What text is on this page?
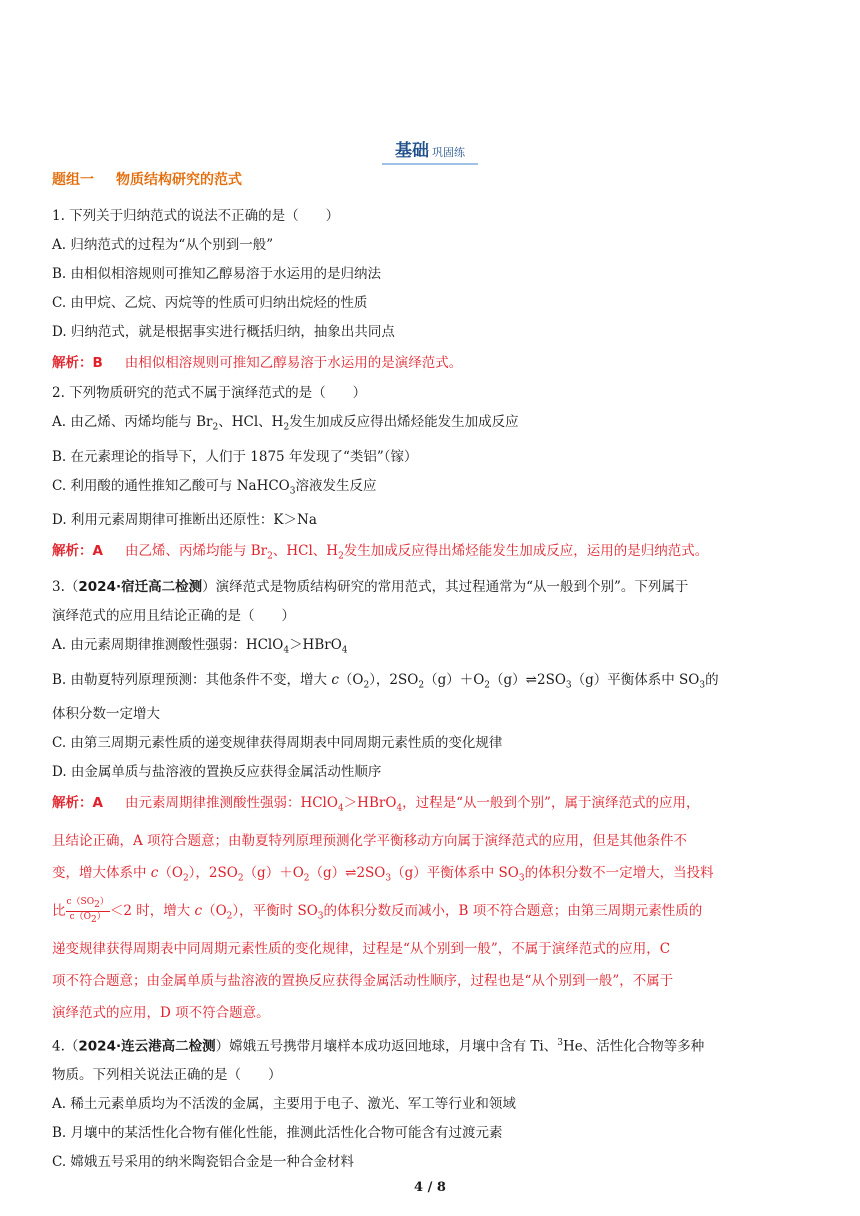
基础 巩固练
题组一 物质结构研究的范式
1. 下列关于归纳范式的说法不正确的是（　　）
A. 归纳范式的过程为“从个别到一般”
B. 由相似相溶规则可推知乙醇易溶于水运用的是归纳法
C. 由甲烷、乙烷、丙烷等的性质可归纳出烷烃的性质
D. 归纳范式，就是根据事实进行概括归纳，抽象出共同点
解析：B 由相似相溶规则可推知乙醇易溶于水运用的是演绎范式。
2. 下列物质研究的范式不属于演绎范式的是（　　）
A. 由乙烯、丙烯均能与 $Br_2$、HCl、$H_2$发生加成反应得出烯烃能发生加成反应
B. 在元素理论的指导下，人们于 1875 年发现了“类铝”（镓）
C. 利用酸的通性推知乙酸可与 NaHCO$_3$溶液发生反应
D. 利用元素周期律可推断出还原性：K＞Na
解析：A 由乙烯、丙烯均能与 $Br_2$、HCl、$H_2$发生加成反应得出烯烃能发生加成反应，运用的是归纳范式。
3.（2024·宿迁高二检测）演绎范式是物质结构研究的常用范式，其过程通常为“从一般到个别”。下列属于
演绎范式的应用且结论正确的是（　　）
A. 由元素周期律推测酸性强弱：HClO$_4$＞HBrO$_4$
B. 由勒夏特列原理预测：其他条件不变，增大 $c(O_2)$，$2SO_2(g)+O_2(g)\rightleftharpoons 2SO_3(g)$平衡体系中 $SO_3$的
体积分数一定增大
C. 由第三周期元素性质的递变规律获得周期表中同周期元素性质的变化规律
D. 由金属单质与盐溶液的置换反应获得金属活动性顺序
解析：A 由元素周期律推测酸性强弱：HClO$_4$＞HBrO$_4$，过程是“从一般到个别”，属于演绎范式的应用，
且结论正确，A 项符合题意；由勒夏特列原理预测化学平衡移动方向属于演绎范式的应用，但是其他条件不
变，增大体系中 $c(O_2)$，$2SO_2(g)+O_2(g)\rightleftharpoons 2SO_3(g)$平衡体系中 $SO_3$的体积分数不一定增大，当投料
比 $\frac{c(SO_2)}{c(O_2)} <2$ 时，增大 $c(O_2)$，平衡时 $SO_3$的体积分数反而减小，B 项不符合题意；由第三周期元素性质的
递变规律获得周期表中同周期元素性质的变化规律，过程是“从个别到一般”，不属于演绎范式的应用，C
项不符合题意；由金属单质与盐溶液的置换反应获得金属活动性顺序，过程也是“从个别到一般”，不属于
演绎范式的应用，D 项不符合题意。
4.（2024·连云港高二检测）嫦娥五号携带月壤样本成功返回地球，月壤中含有 Ti、$^3$He、活性化合物等多种
物质。下列相关说法正确的是（　　）
A. 稀土元素单质均为不活泼的金属，主要用于电子、激光、军工等行业和领域
B. 月壤中的某活性化合物有催化性能，推测此活性化合物可能含有过渡元素
C. 嫦娥五号采用的纳米陶瓷铝合金是一种合金材料
4 / 8
